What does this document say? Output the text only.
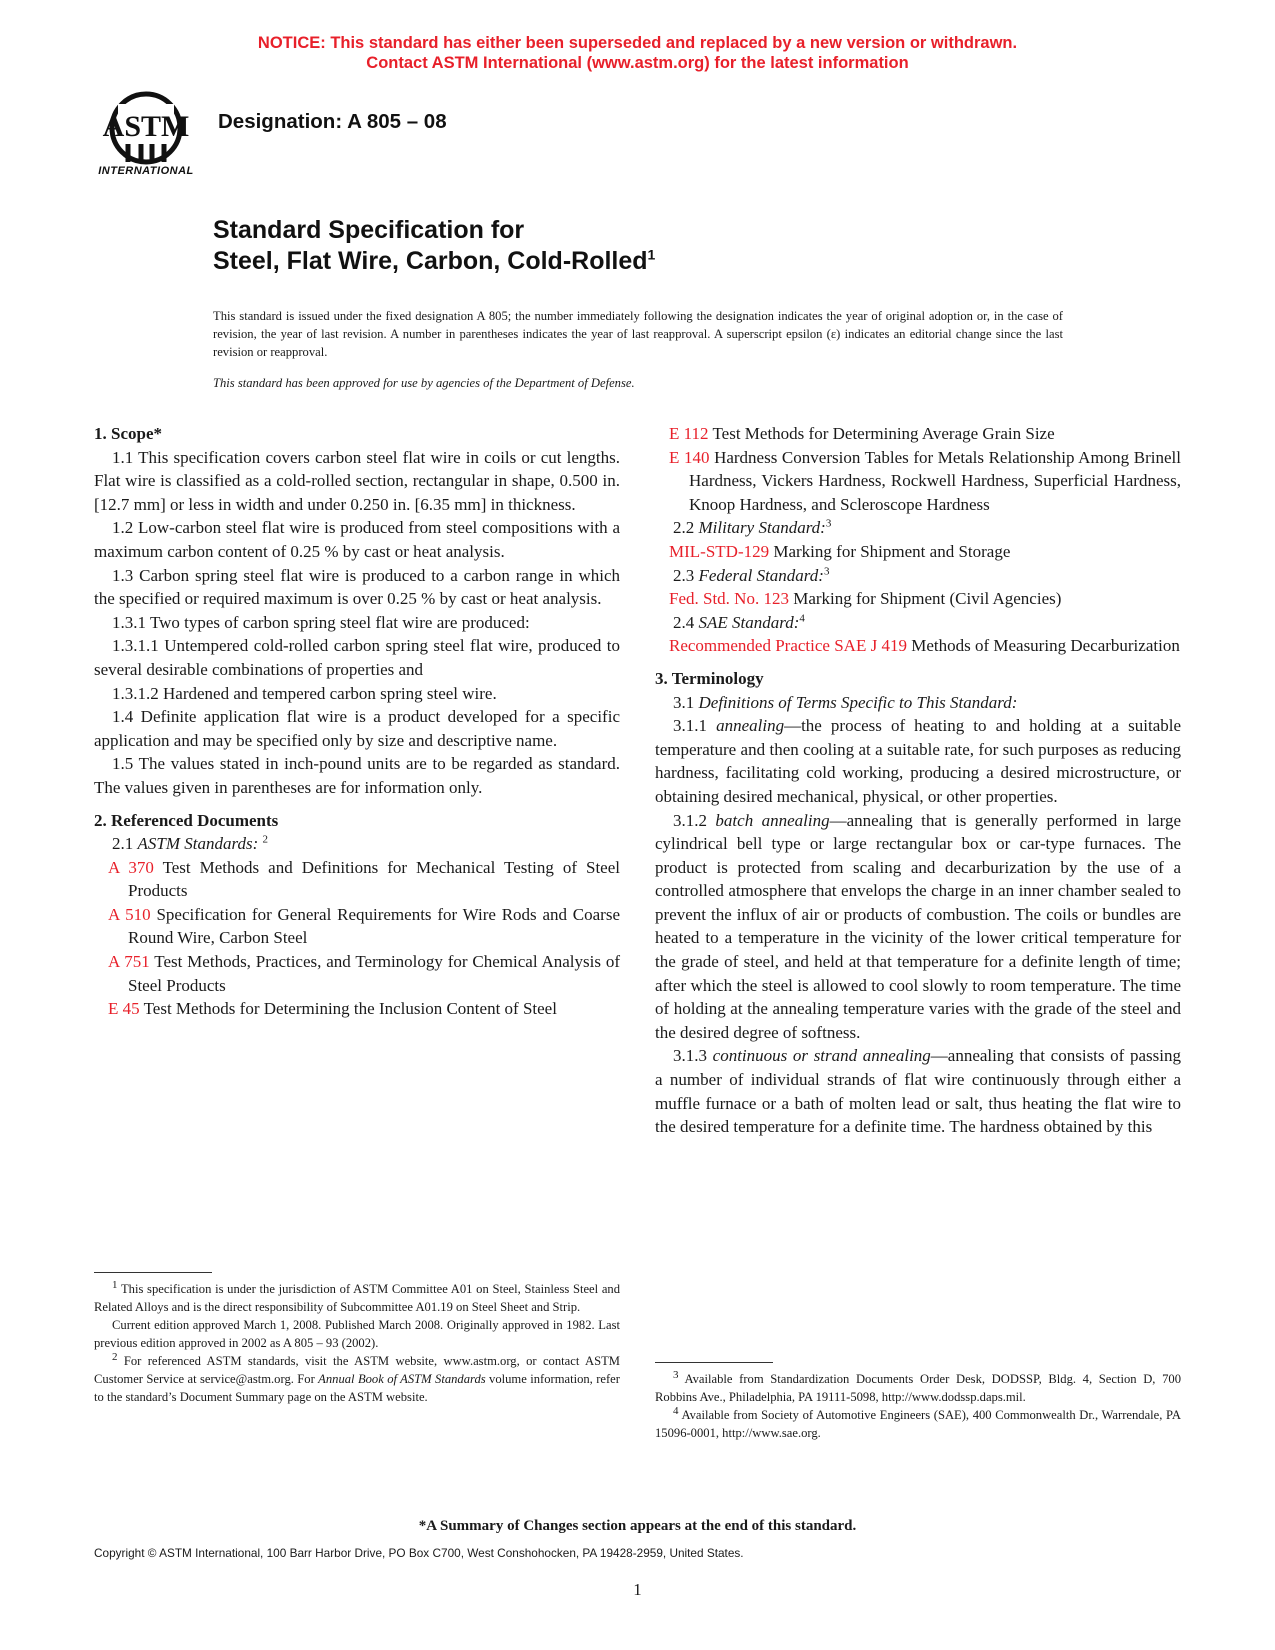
NOTICE: This standard has either been superseded and replaced by a new version or withdrawn.
Contact ASTM International (www.astm.org) for the latest information
ASTM
INTERNATIONAL
Designation: A 805 – 08
Standard Specification for
Steel, Flat Wire, Carbon, Cold-Rolled$^1$
This standard is issued under the fixed designation A 805; the number immediately following the designation indicates the year of original adoption or, in the case of revision, the year of last revision. A number in parentheses indicates the year of last reapproval. A superscript epsilon (ε) indicates an editorial change since the last revision or reapproval.
This standard has been approved for use by agencies of the Department of Defense.
1. Scope*

1.1 This specification covers carbon steel flat wire in coils or cut lengths. Flat wire is classified as a cold-rolled section, rectangular in shape, 0.500 in. [12.7 mm] or less in width and under 0.250 in. [6.35 mm] in thickness.

1.2 Low-carbon steel flat wire is produced from steel compositions with a maximum carbon content of 0.25 % by cast or heat analysis.

1.3 Carbon spring steel flat wire is produced to a carbon range in which the specified or required maximum is over 0.25 % by cast or heat analysis.

1.3.1 Two types of carbon spring steel flat wire are produced:

1.3.1.1 Untempered cold-rolled carbon spring steel flat wire, produced to several desirable combinations of properties and

1.3.1.2 Hardened and tempered carbon spring steel wire.

1.4 Definite application flat wire is a product developed for a specific application and may be specified only by size and descriptive name.

1.5 The values stated in inch-pound units are to be regarded as standard. The values given in parentheses are for information only.

2. Referenced Documents

2.1 ASTM Standards: $^2$

A 370 Test Methods and Definitions for Mechanical Testing of Steel Products
A 510 Specification for General Requirements for Wire Rods and Coarse Round Wire, Carbon Steel
A 751 Test Methods, Practices, and Terminology for Chemical Analysis of Steel Products
E 45 Test Methods for Determining the Inclusion Content of Steel

$^1$ This specification is under the jurisdiction of ASTM Committee A01 on Steel, Stainless Steel and Related Alloys and is the direct responsibility of Subcommittee A01.19 on Steel Sheet and Strip.

Current edition approved March 1, 2008. Published March 2008. Originally approved in 1982. Last previous edition approved in 2002 as A 805 – 93 (2002).

$^2$ For referenced ASTM standards, visit the ASTM website, www.astm.org, or contact ASTM Customer Service at service@astm.org. For Annual Book of ASTM Standards volume information, refer to the standard’s Document Summary page on the ASTM website.

E 112 Test Methods for Determining Average Grain Size
E 140 Hardness Conversion Tables for Metals Relationship Among Brinell Hardness, Vickers Hardness, Rockwell Hardness, Superficial Hardness, Knoop Hardness, and Scleroscope Hardness

2.2 Military Standard:$^3$

MIL-STD-129 Marking for Shipment and Storage

2.3 Federal Standard:$^3$

Fed. Std. No. 123 Marking for Shipment (Civil Agencies)

2.4 SAE Standard:$^4$

Recommended Practice SAE J 419 Methods of Measuring Decarburization
3. Terminology

3.1 Definitions of Terms Specific to This Standard:

3.1.1 annealing—the process of heating to and holding at a suitable temperature and then cooling at a suitable rate, for such purposes as reducing hardness, facilitating cold working, producing a desired microstructure, or obtaining desired mechanical, physical, or other properties.

3.1.2 batch annealing—annealing that is generally performed in large cylindrical bell type or large rectangular box or car-type furnaces. The product is protected from scaling and decarburization by the use of a controlled atmosphere that envelops the charge in an inner chamber sealed to prevent the influx of air or products of combustion. The coils or bundles are heated to a temperature in the vicinity of the lower critical temperature for the grade of steel, and held at that temperature for a definite length of time; after which the steel is allowed to cool slowly to room temperature. The time of holding at the annealing temperature varies with the grade of the steel and the desired degree of softness.

3.1.3 continuous or strand annealing—annealing that consists of passing a number of individual strands of flat wire continuously through either a muffle furnace or a bath of molten lead or salt, thus heating the flat wire to the desired temperature for a definite time. The hardness obtained by this

$^3$ Available from Standardization Documents Order Desk, DODSSP, Bldg. 4, Section D, 700 Robbins Ave., Philadelphia, PA 19111-5098, http://www.dodssp.daps.mil.

$^4$ Available from Society of Automotive Engineers (SAE), 400 Commonwealth Dr., Warrendale, PA 15096-0001, http://www.sae.org.

*A Summary of Changes section appears at the end of this standard.
Copyright © ASTM International, 100 Barr Harbor Drive, PO Box C700, West Conshohocken, PA 19428-2959, United States.
1
